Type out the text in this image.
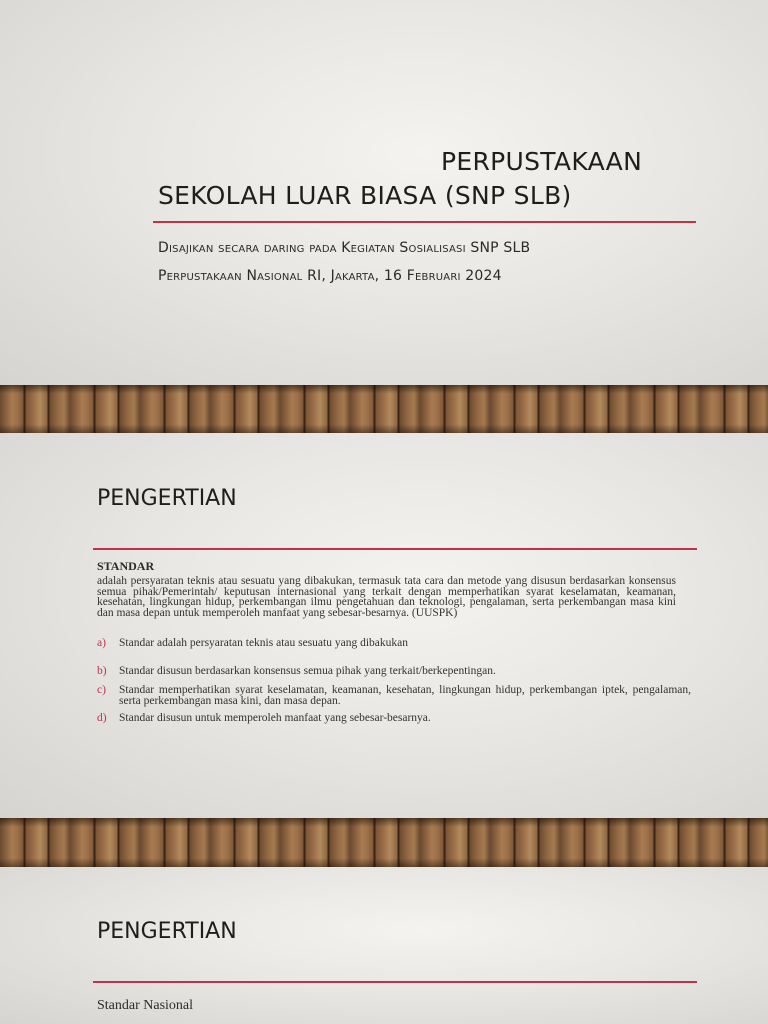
PERPUSTAKAAN
SEKOLAH LUAR BIASA (SNP SLB)
Disajikan secara daring pada Kegiatan Sosialisasi SNP SLB
Perpustakaan Nasional RI, Jakarta, 16 Februari 2024
PENGERTIAN
STANDAR
adalah persyaratan teknis atau sesuatu yang dibakukan, termasuk tata cara dan metode yang disusun berdasarkan konsensus semua pihak/Pemerintah/ keputusan internasional yang terkait dengan memperhatikan syarat keselamatan, keamanan, kesehatan, lingkungan hidup, perkembangan ilmu pengetahuan dan teknologi, pengalaman, serta perkembangan masa kini dan masa depan untuk memperoleh manfaat yang sebesar-besarnya. (UUSPK)
a) Standar adalah persyaratan teknis atau sesuatu yang dibakukan
b) Standar disusun berdasarkan konsensus semua pihak yang terkait/berkepentingan.
c) Standar memperhatikan syarat keselamatan, keamanan, kesehatan, lingkungan hidup, perkembangan iptek, pengalaman, serta perkembangan masa kini, dan masa depan.
d) Standar disusun untuk memperoleh manfaat yang sebesar-besarnya.
PENGERTIAN
Standar Nasional
